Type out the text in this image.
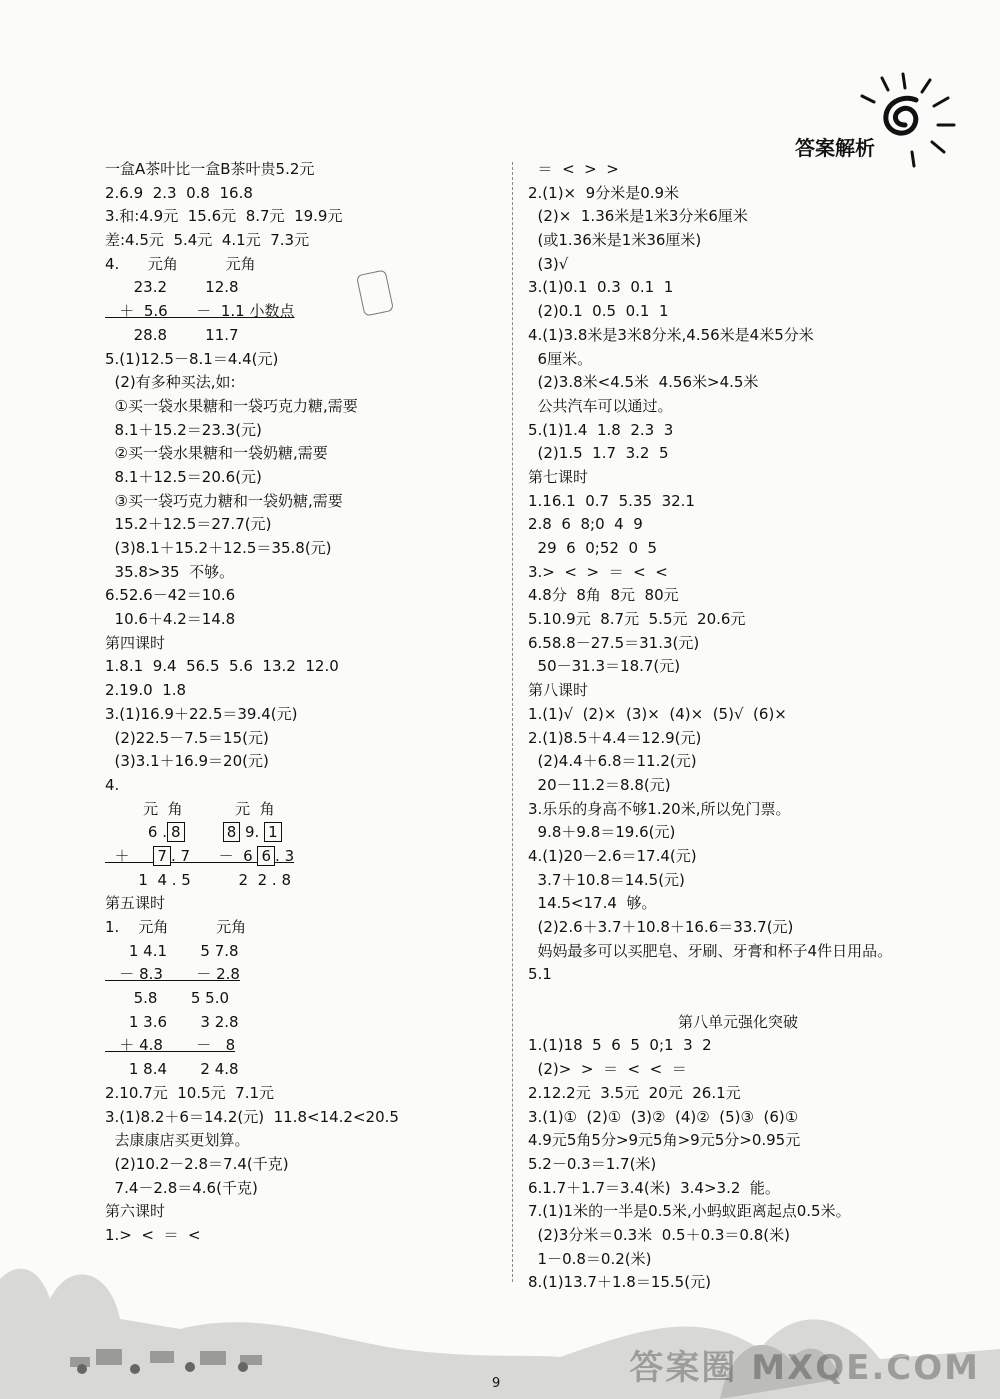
答案解析
一盒A茶叶比一盒B茶叶贵5.2元
2.6.9  2.3  0.8  16.8
3.和:4.9元  15.6元  8.7元  19.9元
差:4.5元  5.4元  4.1元  7.3元
4.      元角          元角
23.2        12.8
＋  5.6      －  1.1 小数点
28.8        11.7
5.(1)12.5－8.1＝4.4(元)
(2)有多种买法,如:
①买一袋水果糖和一袋巧克力糖,需要
8.1＋15.2＝23.3(元)
②买一袋水果糖和一袋奶糖,需要
8.1＋12.5＝20.6(元)
③买一袋巧克力糖和一袋奶糖,需要
15.2＋12.5＝27.7(元)
(3)8.1＋15.2＋12.5＝35.8(元)
35.8>35  不够。
6.52.6－42＝10.6
10.6＋4.2＝14.8
第四课时
1.8.1  9.4  56.5  5.6  13.2  12.0
2.19.0  1.8
3.(1)16.9＋22.5＝39.4(元)
(2)22.5－7.5＝15(元)
(3)3.1＋16.9＝20(元)
4.
元  角           元  角
6 . 8	8 9. 1
＋     7 . 7      －  6 6 . 3
1  4 . 5          2  2 . 8
第五课时
1.    元角          元角
1 4.1       5 7.8
－ 8.3       － 2.8
5.8       5 5.0
1 3.6       3 2.8
＋ 4.8       －   8
1 8.4       2 4.8
2.10.7元  10.5元  7.1元
3.(1)8.2＋6＝14.2(元)  11.8<14.2<20.5
去康康店买更划算。
(2)10.2－2.8＝7.4(千克)
7.4－2.8＝4.6(千克)
第六课时
1.>  <  ＝  <
＝  <  >  >
2.(1)×  9分米是0.9米
(2)×  1.36米是1米3分米6厘米
(或1.36米是1米36厘米)
(3)√
3.(1)0.1  0.3  0.1  1
(2)0.1  0.5  0.1  1
4.(1)3.8米是3米8分米,4.56米是4米5分米
6厘米。
(2)3.8米<4.5米  4.56米>4.5米
公共汽车可以通过。
5.(1)1.4  1.8  2.3  3
(2)1.5  1.7  3.2  5
第七课时
1.16.1  0.7  5.35  32.1
2.8  6  8;0  4  9
29  6  0;52  0  5
3.>  <  >  ＝  <  <
4.8分  8角  8元  80元
5.10.9元  8.7元  5.5元  20.6元
6.58.8－27.5＝31.3(元)
50－31.3＝18.7(元)
第八课时
1.(1)√  (2)×  (3)×  (4)×  (5)√  (6)×
2.(1)8.5＋4.4＝12.9(元)
(2)4.4＋6.8＝11.2(元)
20－11.2＝8.8(元)
3.乐乐的身高不够1.20米,所以免门票。
9.8＋9.8＝19.6(元)
4.(1)20－2.6＝17.4(元)
3.7＋10.8＝14.5(元)
14.5<17.4  够。
(2)2.6＋3.7＋10.8＋16.6＝33.7(元)
妈妈最多可以买肥皂、牙刷、牙膏和杯子4件日用品。
5.1
第八单元强化突破
1.(1)18  5  6  5  0;1  3  2
(2)>  >  ＝  <  <  ＝
2.12.2元  3.5元  20元  26.1元
3.(1)①  (2)①  (3)②  (4)②  (5)③  (6)①
4.9元5角5分>9元5角>9元5分>0.95元
5.2－0.3＝1.7(米)
6.1.7＋1.7＝3.4(米)  3.4>3.2  能。
7.(1)1米的一半是0.5米,小蚂蚁距离起点0.5米。
(2)3分米＝0.3米  0.5＋0.3＝0.8(米)
1－0.8＝0.2(米)
8.(1)13.7＋1.8＝15.5(元)
答案圈 MXQE.COM
9
